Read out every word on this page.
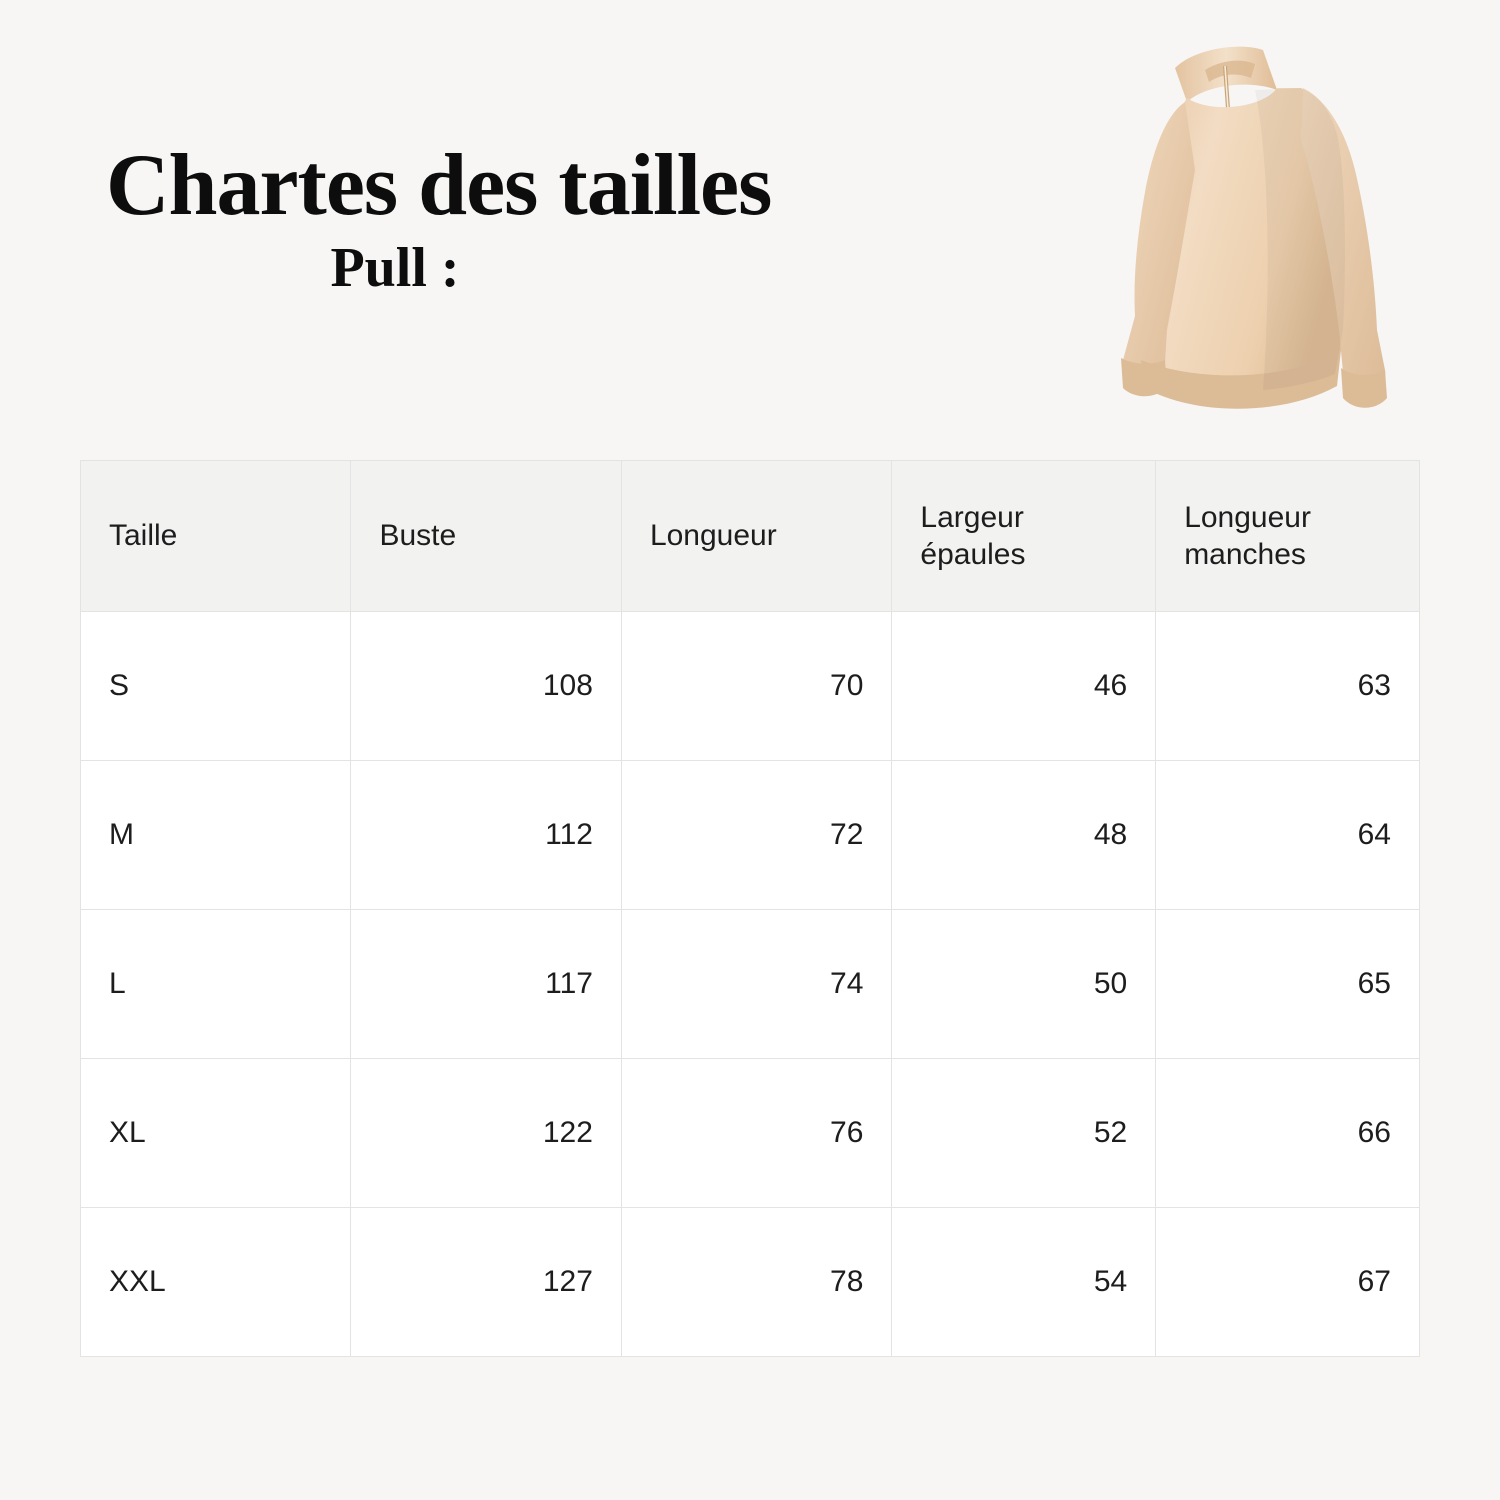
Chartes des tailles
Pull :
Taille	Buste	Longueur	Largeur épaules	Longueur manches
S	108	70	46	63
M	112	72	48	64
L	117	74	50	65
XL	122	76	52	66
XXL	127	78	54	67
